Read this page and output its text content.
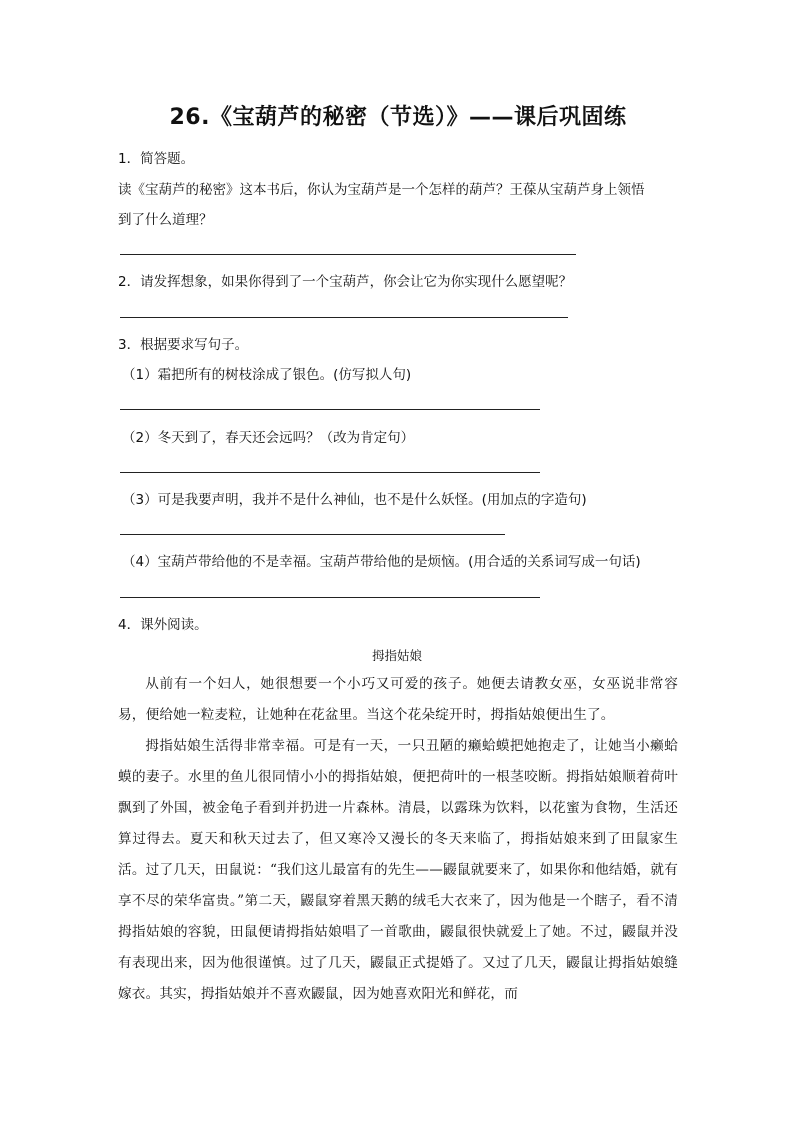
26.《宝葫芦的秘密（节选）》——课后巩固练
1．简答题。
读《宝葫芦的秘密》这本书后，你认为宝葫芦是一个怎样的葫芦？王葆从宝葫芦身上领悟
到了什么道理？
2．请发挥想象，如果你得到了一个宝葫芦，你会让它为你实现什么愿望呢？
3．根据要求写句子。
（1）霜把所有的树枝涂成了银色。(仿写拟人句)
（2）冬天到了，春天还会远吗？（改为肯定句）
（3）可是我要声明，我并不是什么神仙，也不是什么妖怪。(用加点的字造句)
（4）宝葫芦带给他的不是幸福。宝葫芦带给他的是烦恼。(用合适的关系词写成一句话)
4．课外阅读。
拇指姑娘
从前有一个妇人，她很想要一个小巧又可爱的孩子。她便去请教女巫，女巫说非常容易，便给她一粒麦粒，让她种在花盆里。当这个花朵绽开时，拇指姑娘便出生了。
拇指姑娘生活得非常幸福。可是有一天，一只丑陋的癞蛤蟆把她抱走了，让她当小癞蛤蟆的妻子。水里的鱼儿很同情小小的拇指姑娘，便把荷叶的一根茎咬断。拇指姑娘顺着荷叶飘到了外国，被金龟子看到并扔进一片森林。清晨，以露珠为饮料，以花蜜为食物，生活还算过得去。夏天和秋天过去了，但又寒冷又漫长的冬天来临了，拇指姑娘来到了田鼠家生活。过了几天，田鼠说：“我们这儿最富有的先生——鼹鼠就要来了，如果你和他结婚，就有享不尽的荣华富贵。”第二天，鼹鼠穿着黑天鹅的绒毛大衣来了，因为他是一个瞎子，看不清拇指姑娘的容貌，田鼠便请拇指姑娘唱了一首歌曲，鼹鼠很快就爱上了她。不过，鼹鼠并没有表现出来，因为他很谨慎。过了几天，鼹鼠正式提婚了。又过了几天，鼹鼠让拇指姑娘缝嫁衣。其实，拇指姑娘并不喜欢鼹鼠，因为她喜欢阳光和鲜花，而
